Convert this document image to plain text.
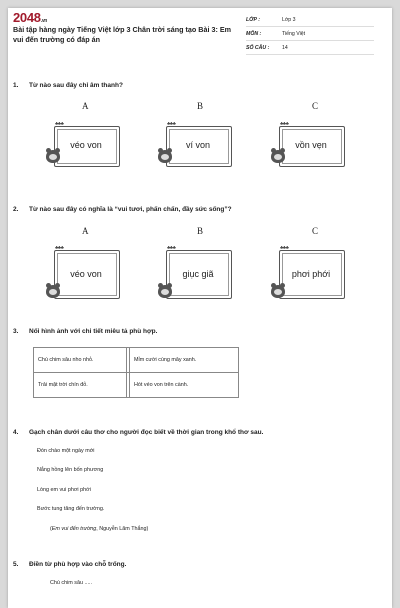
2048.vn
Bài tập hàng ngày Tiếng Việt lớp 3 Chân trời sáng tạo Bài 3: Em vui đến trường có đáp án
LỚP :	Lớp 3
MÔN :	Tiếng Việt
SỐ CÂU : 14
1. Từ nào sau đây chỉ âm thanh?
A	B	C
♣♣♣
véo von
♣♣♣
ví von
♣♣♣
vồn vẹn
2. Từ nào sau đây có nghĩa là “vui tươi, phấn chấn, đầy sức sống”?
A	B	C
♣♣♣
véo von
♣♣♣
giục giã
♣♣♣
phơi phới
3. Nối hình ảnh với chi tiết miêu tả phù hợp.
Chú chim sâu nho nhỏ.		Mỉm cười cùng mây xanh.
Trải mặt trời chín đỏ.		Hót véo von trên cành.
4. Gạch chân dưới câu thơ cho người đọc biết về thời gian trong khổ thơ sau.
Đón chào một ngày mới
Nắng hồng lên bốn phương
Lòng em vui phơi phới
Bước tung tăng đến trường.
(Em vui đến trường, Nguyễn Lãm Thắng)
5. Điền từ phù hợp vào chỗ trống.
Chú chim sâu .....
